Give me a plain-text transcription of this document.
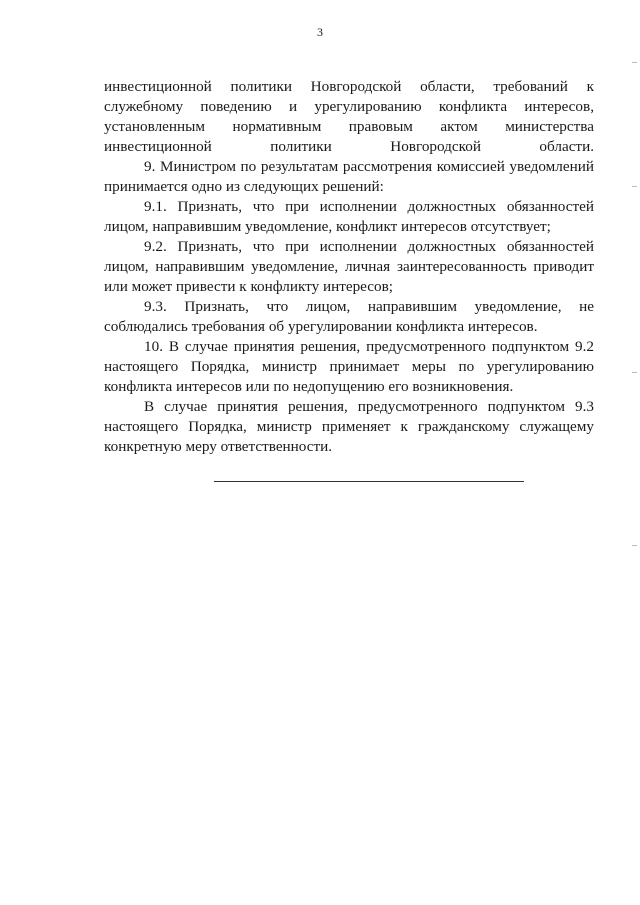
3

инвестиционной политики Новгородской области, требований к служебному поведению и урегулированию конфликта интересов, установленным нормативным правовым актом министерства инвестиционной политики Новгородской области.

9. Министром по результатам рассмотрения комиссией уведомлений принимается одно из следующих решений:

9.1. Признать, что при исполнении должностных обязанностей лицом, направившим уведомление, конфликт интересов отсутствует;

9.2. Признать, что при исполнении должностных обязанностей лицом, направившим уведомление, личная заинтересованность приводит или может привести к конфликту интересов;

9.3. Признать, что лицом, направившим уведомление, не соблюдались требования об урегулировании конфликта интересов.

10. В случае принятия решения, предусмотренного подпунктом 9.2 настоящего Порядка, министр принимает меры по урегулированию конфликта интересов или по недопущению его возникновения.

В случае принятия решения, предусмотренного подпунктом 9.3 настоящего Порядка, министр применяет к гражданскому служащему конкретную меру ответственности.
